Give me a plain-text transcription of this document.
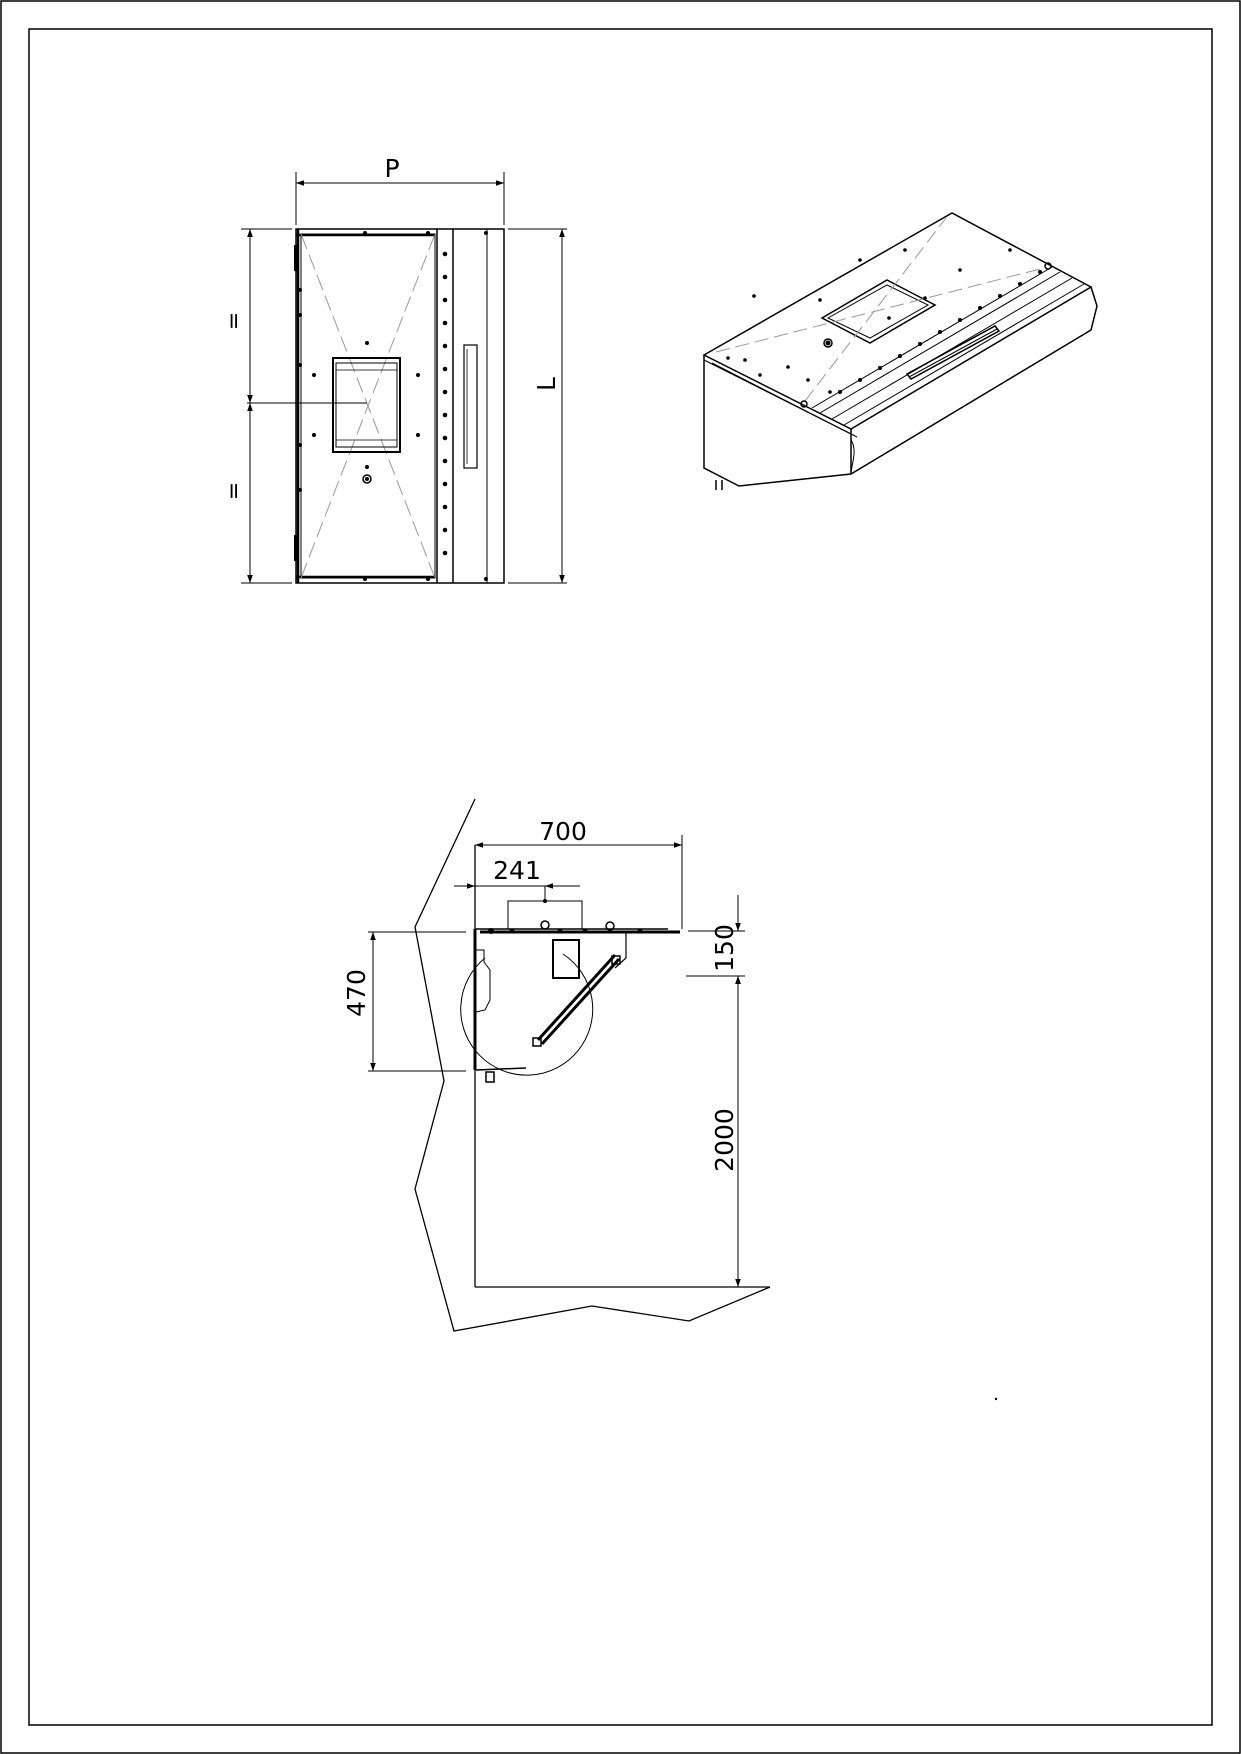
P
L
=
=
700
241
470
150
2000
